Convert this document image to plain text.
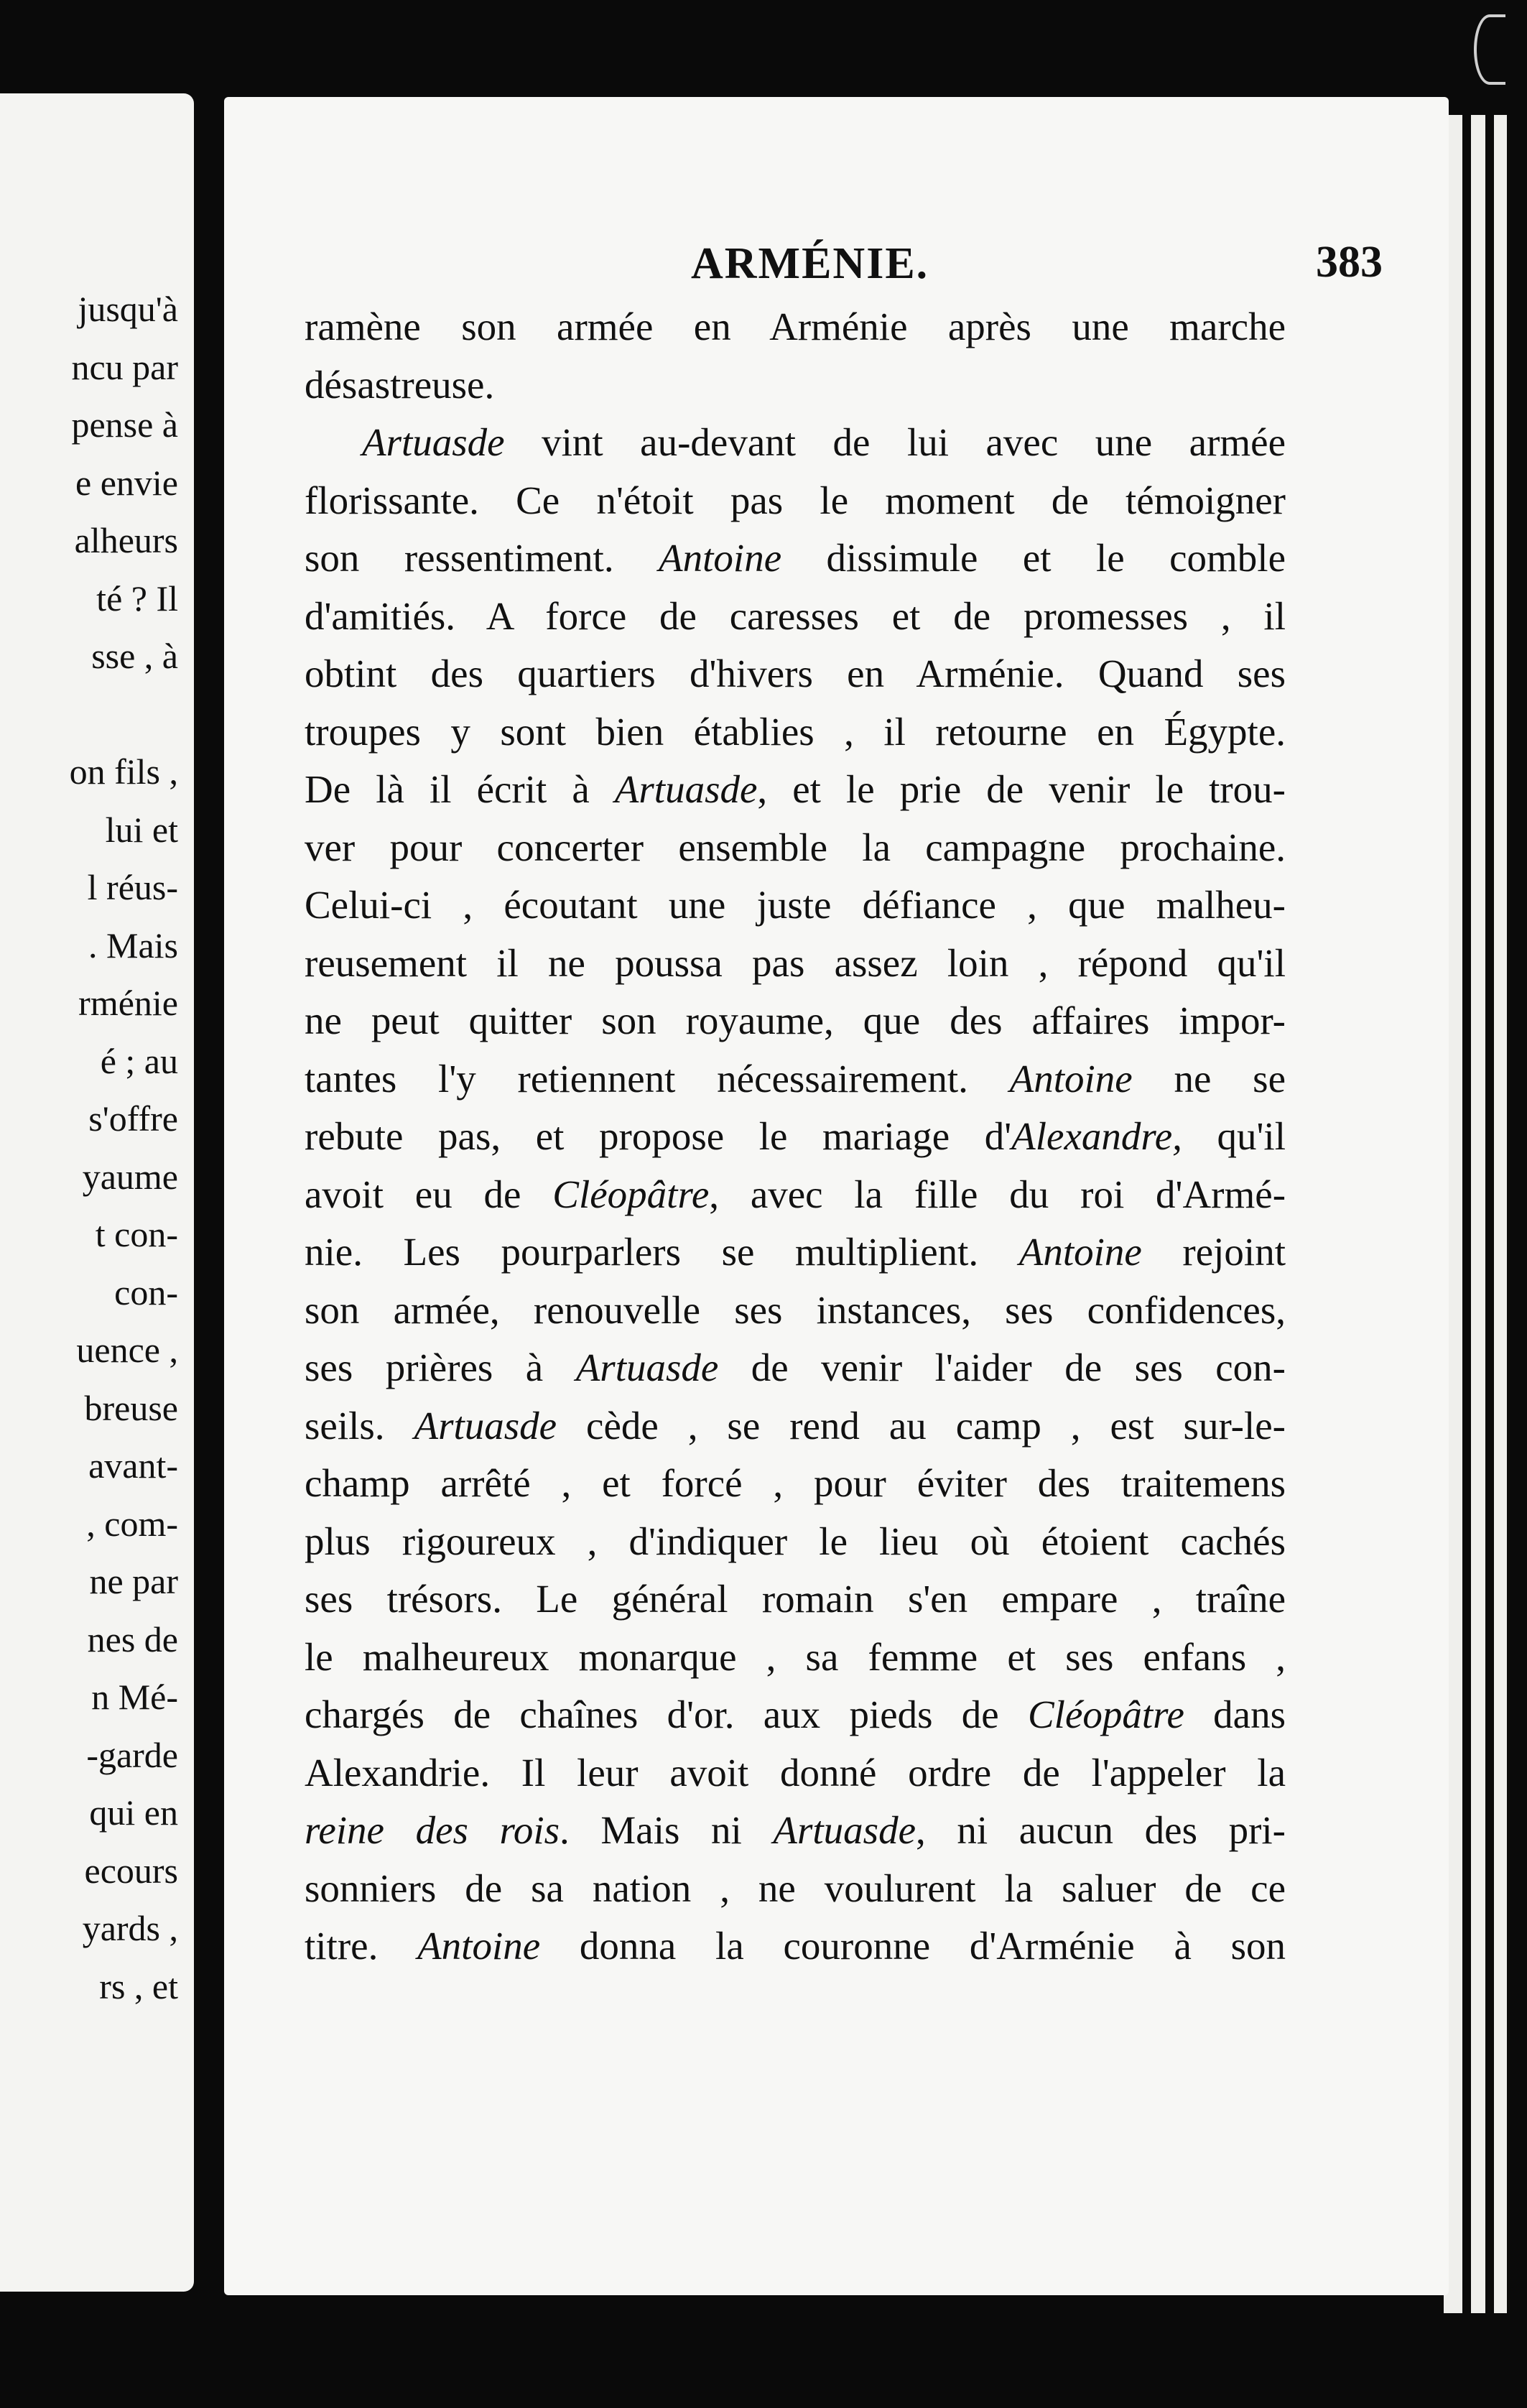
jusqu'à
ncu par
pense à
e envie
alheurs
té ? Il
sse , à
on fils ,
lui et
l réus-
. Mais
rménie
é ; au
s'offre
yaume
t con-
con-
uence ,
breuse
avant-
, com-
ne par
nes de
n Mé-
-garde
qui en
ecours
yards ,
rs , et
ARMÉNIE.	383
ramène son armée en Arménie après une marche
désastreuse.
Artuasde vint au-devant de lui avec une armée
florissante. Ce n'étoit pas le moment de témoigner
son ressentiment. Antoine dissimule et le comble
d'amitiés. A force de caresses et de promesses , il
obtint des quartiers d'hivers en Arménie. Quand ses
troupes y sont bien établies , il retourne en Égypte.
De là il écrit à Artuasde, et le prie de venir le trou-
ver pour concerter ensemble la campagne prochaine.
Celui-ci , écoutant une juste défiance , que malheu-
reusement il ne poussa pas assez loin , répond qu'il
ne peut quitter son royaume, que des affaires impor-
tantes l'y retiennent nécessairement. Antoine ne se
rebute pas, et propose le mariage d'Alexandre, qu'il
avoit eu de Cléopâtre, avec la fille du roi d'Armé-
nie. Les pourparlers se multiplient. Antoine rejoint
son armée, renouvelle ses instances, ses confidences,
ses prières à Artuasde de venir l'aider de ses con-
seils. Artuasde cède , se rend au camp , est sur-le-
champ arrêté , et forcé , pour éviter des traitemens
plus rigoureux , d'indiquer le lieu où étoient cachés
ses trésors. Le général romain s'en empare , traîne
le malheureux monarque , sa femme et ses enfans ,
chargés de chaînes d'or. aux pieds de Cléopâtre dans
Alexandrie. Il leur avoit donné ordre de l'appeler la
reine des rois. Mais ni Artuasde, ni aucun des pri-
sonniers de sa nation , ne voulurent la saluer de ce
titre. Antoine donna la couronne d'Arménie à son
